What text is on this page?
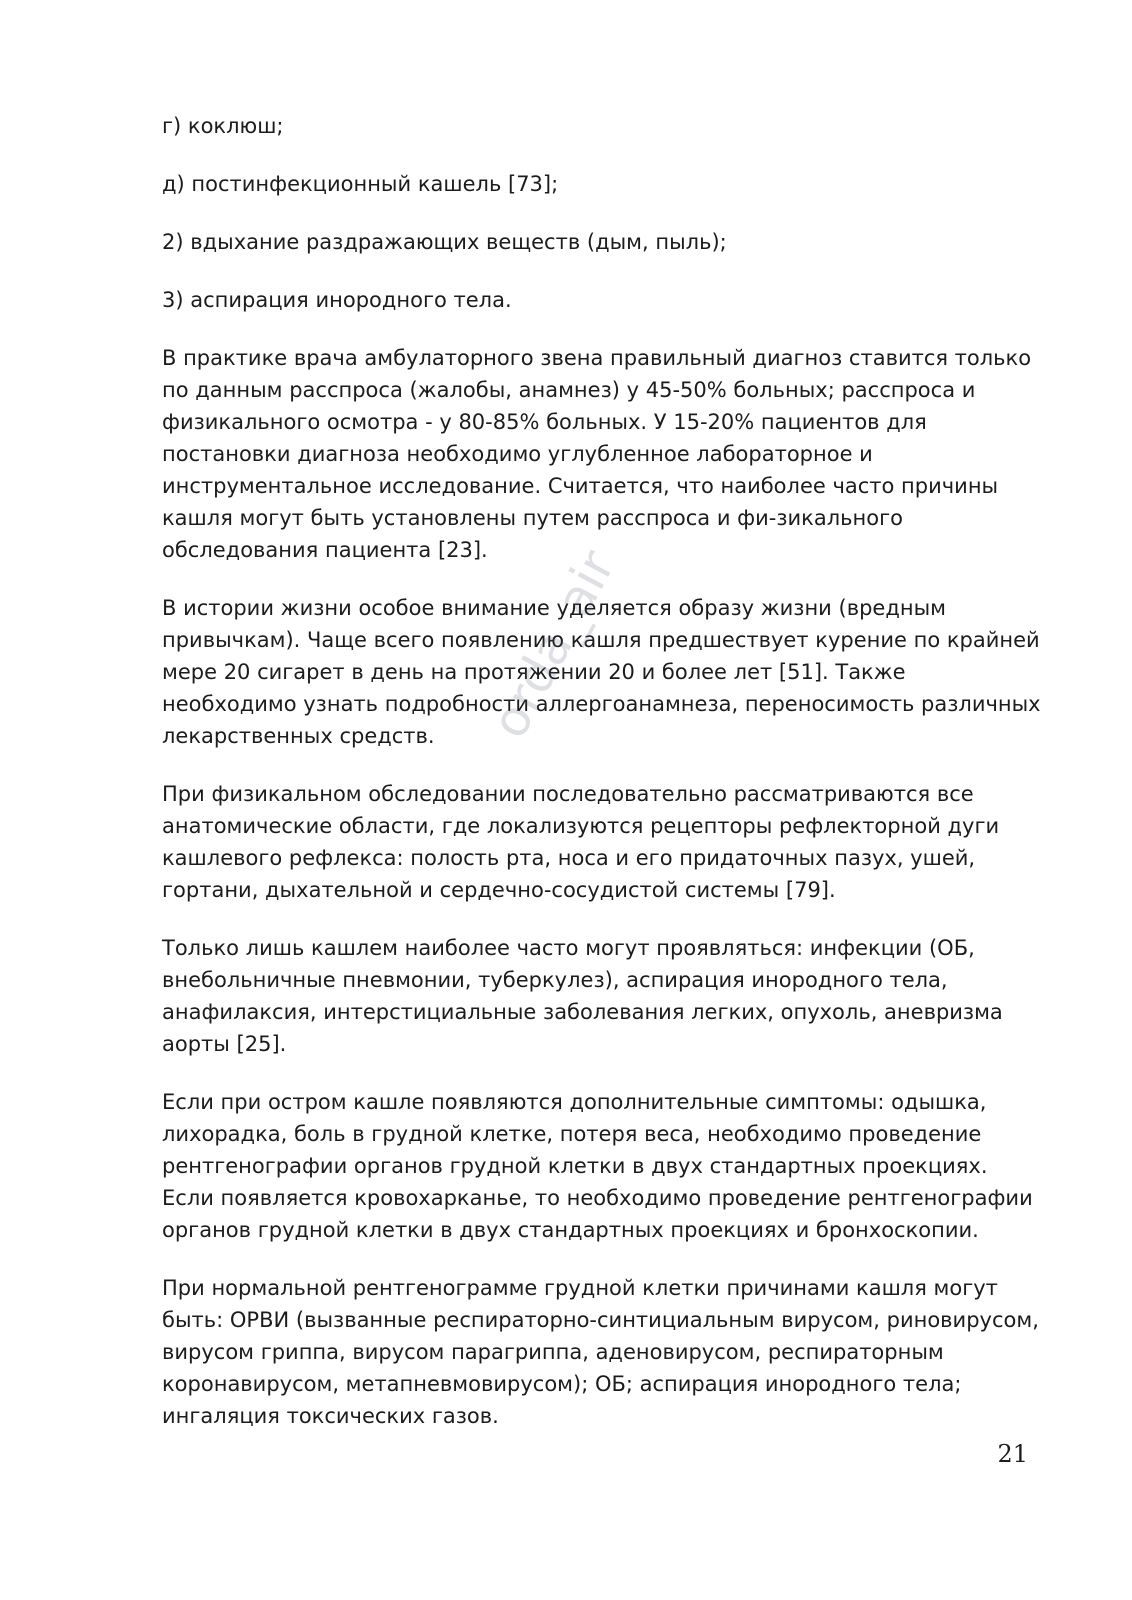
г) коклюш;

д) постинфекционный кашель [73];

2) вдыхание раздражающих веществ (дым, пыль);

3) аспирация инородного тела.

В практике врача амбулаторного звена правильный диагноз ставится только по данным расспроса (жалобы, анамнез) у 45-50% больных; расспроса и физикального осмотра - у 80-85% больных. У 15-20% пациентов для постановки диагноза необходимо углубленное лабораторное и инструментальное исследование. Считается, что наиболее часто причины кашля могут быть установлены путем расспроса и фи-зикального обследования пациента [23].

В истории жизни особое внимание уделяется образу жизни (вредным привычкам). Чаще всего появлению кашля предшествует курение по крайней мере 20 сигарет в день на протяжении 20 и более лет [51]. Также необходимо узнать подробности аллергоанамнеза, переносимость различных лекарственных средств.

При физикальном обследовании последовательно рассматриваются все анатомические области, где локализуются рецепторы рефлекторной дуги кашлевого рефлекса: полость рта, носа и его придаточных пазух, ушей, гортани, дыхательной и сердечно-сосудистой системы [79].

Только лишь кашлем наиболее часто могут проявляться: инфекции (ОБ, внебольничные пневмонии, туберкулез), аспирация инородного тела, анафилаксия, интерстициальные заболевания легких, опухоль, аневризма аорты [25].

Если при остром кашле появляются дополнительные симптомы: одышка, лихорадка, боль в грудной клетке, потеря веса, необходимо проведение рентгенографии органов грудной клетки в двух стандартных проекциях. Если появляется кровохарканье, то необходимо проведение рентгенографии органов грудной клетки в двух стандартных проекциях и бронхоскопии.

При нормальной рентгенограмме грудной клетки причинами кашля могут быть: ОРВИ (вызванные респираторно-синтициальным вирусом, риновирусом, вирусом гриппа, вирусом парагриппа, аденовирусом, респираторным коронавирусом, метапневмовирусом); ОБ; аспирация инородного тела; ингаляция токсических газов.

orda_air
21
